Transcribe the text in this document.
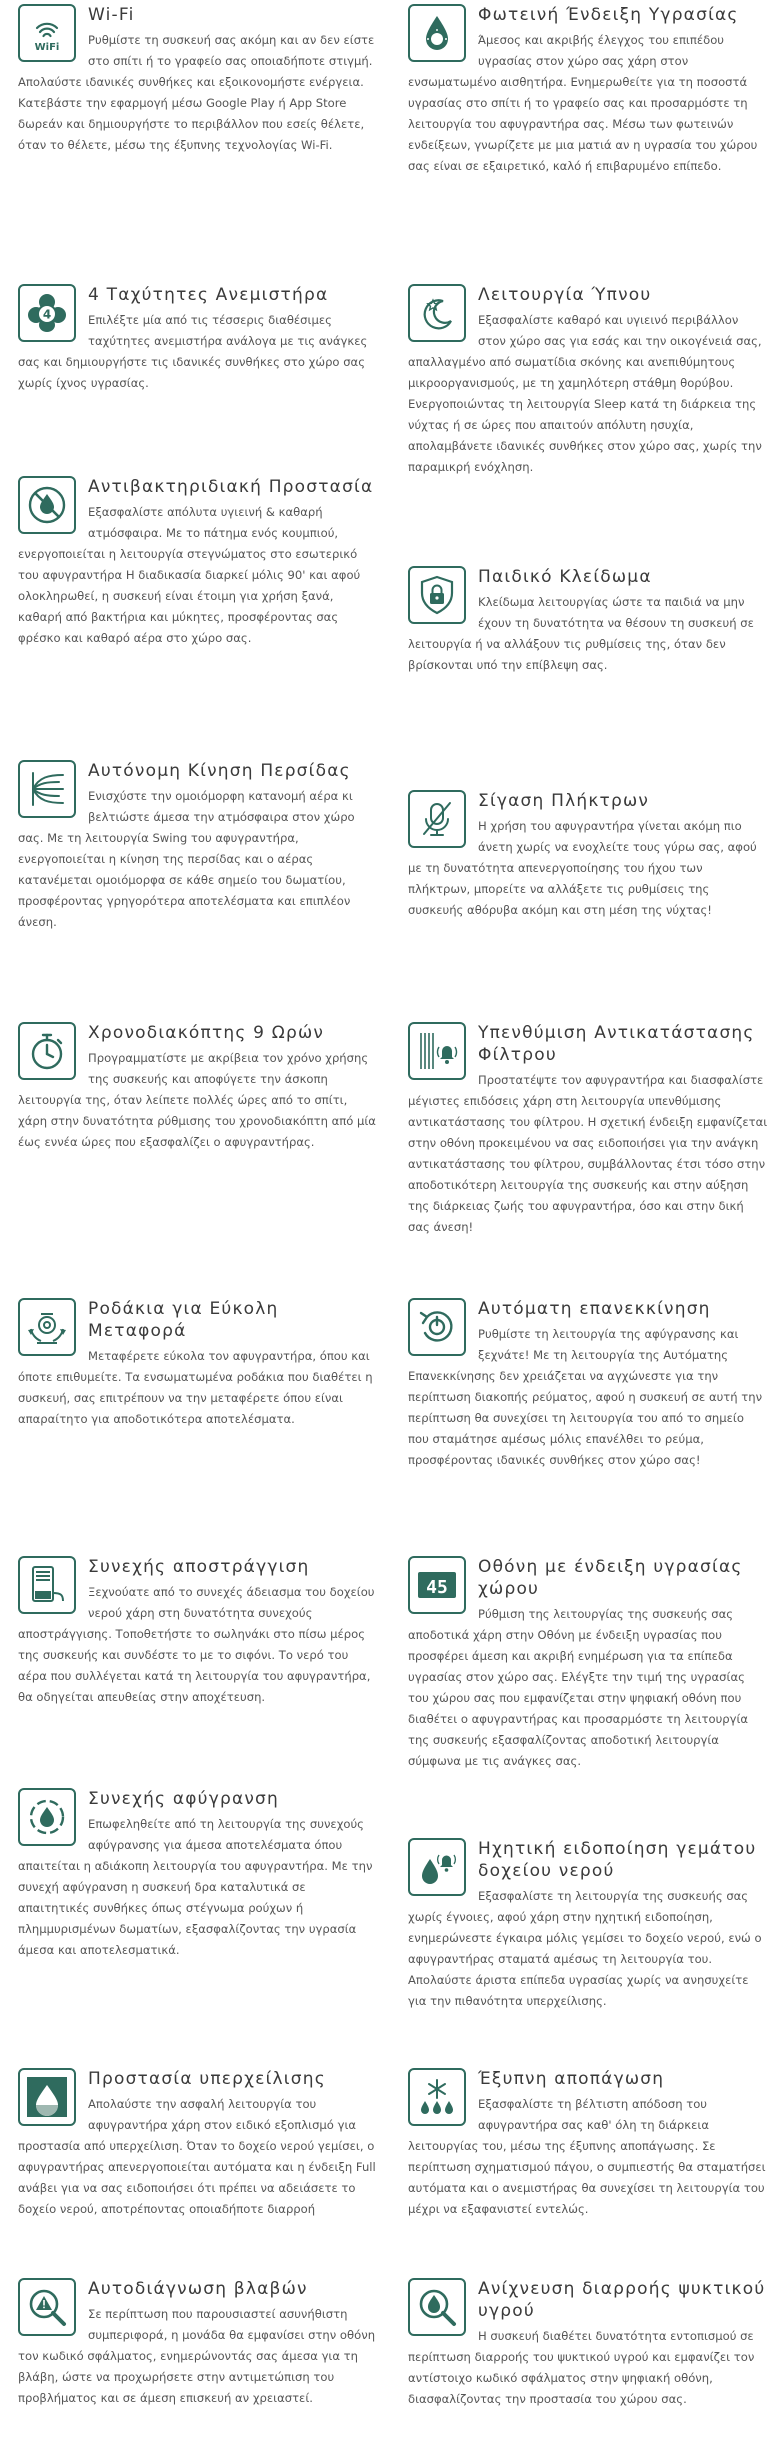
WiFi
Wi-Fi

Ρυθμίστε τη συσκευή σας ακόμη και αν δεν είστε στο σπίτι ή το γραφείο σας οποιαδήποτε στιγμή. Απολαύστε ιδανικές συνθήκες και εξοικονομήστε ενέργεια. Κατεβάστε την εφαρμογή μέσω Google Play ή App Store δωρεάν και δημιουργήστε το περιβάλλον που εσείς θέλετε, όταν το θέλετε, μέσω της έξυπνης τεχνολογίας Wi-Fi.

Φωτεινή Ένδειξη Υγρασίας

Άμεσος και ακριβής έλεγχος του επιπέδου υγρασίας στον χώρο σας χάρη στον ενσωματωμένο αισθητήρα. Ενημερωθείτε για τη ποσοστά υγρασίας στο σπίτι ή το γραφείο σας και προσαρμόστε τη λειτουργία του αφυγραντήρα σας. Μέσω των φωτεινών ενδείξεων, γνωρίζετε με μια ματιά αν η υγρασία του χώρου σας είναι σε εξαιρετικό, καλό ή επιβαρυμένο επίπεδο.

4
4 Ταχύτητες Ανεμιστήρα

Επιλέξτε μία από τις τέσσερις διαθέσιμες ταχύτητες ανεμιστήρα ανάλογα με τις ανάγκες σας και δημιουργήστε τις ιδανικές συνθήκες στο χώρο σας χωρίς ίχνος υγρασίας.

Λειτουργία Ύπνου

Εξασφαλίστε καθαρό και υγιεινό περιβάλλον στον χώρο σας για εσάς και την οικογένειά σας, απαλλαγμένο από σωματίδια σκόνης και ανεπιθύμητους μικροοργανισμούς, με τη χαμηλότερη στάθμη θορύβου. Ενεργοποιώντας τη λειτουργία Sleep κατά τη διάρκεια της νύχτας ή σε ώρες που απαιτούν απόλυτη ησυχία, απολαμβάνετε ιδανικές συνθήκες στον χώρο σας, χωρίς την παραμικρή ενόχληση.

Αντιβακτηριδιακή Προστασία

Εξασφαλίστε απόλυτα υγιεινή & καθαρή ατμόσφαιρα. Με το πάτημα ενός κουμπιού, ενεργοποιείται η λειτουργία στεγνώματος στο εσωτερικό του αφυγραντήρα Η διαδικασία διαρκεί μόλις 90' και αφού ολοκληρωθεί, η συσκευή είναι έτοιμη για χρήση ξανά, καθαρή από βακτήρια και μύκητες, προσφέροντας σας φρέσκο και καθαρό αέρα στο χώρο σας.

Παιδικό Κλείδωμα

Κλείδωμα λειτουργίας ώστε τα παιδιά να μην έχουν τη δυνατότητα να θέσουν τη συσκευή σε λειτουργία ή να αλλάξουν τις ρυθμίσεις της, όταν δεν βρίσκονται υπό την επίβλεψη σας.

Αυτόνομη Κίνηση Περσίδας

Ενισχύστε την ομοιόμορφη κατανομή αέρα κι βελτιώστε άμεσα την ατμόσφαιρα στον χώρο σας. Με τη λειτουργία Swing του αφυγραντήρα, ενεργοποιείται η κίνηση της περσίδας και ο αέρας κατανέμεται ομοιόμορφα σε κάθε σημείο του δωματίου, προσφέροντας γρηγορότερα αποτελέσματα και επιπλέον άνεση.

Σίγαση Πλήκτρων

Η χρήση του αφυγραντήρα γίνεται ακόμη πιο άνετη χωρίς να ενοχλείτε τους γύρω σας, αφού με τη δυνατότητα απενεργοποίησης του ήχου των πλήκτρων, μπορείτε να αλλάξετε τις ρυθμίσεις της συσκευής αθόρυβα ακόμη και στη μέση της νύχτας!

Χρονοδιακόπτης 9 Ωρών

Προγραμματίστε με ακρίβεια τον χρόνο χρήσης της συσκευής και αποφύγετε την άσκοπη λειτουργία της, όταν λείπετε πολλές ώρες από το σπίτι, χάρη στην δυνατότητα ρύθμισης του χρονοδιακόπτη από μία έως εννέα ώρες που εξασφαλίζει ο αφυγραντήρας.

Υπενθύμιση Αντικατάστασης Φίλτρου

Προστατέψτε τον αφυγραντήρα και διασφαλίστε μέγιστες επιδόσεις χάρη στη λειτουργία υπενθύμισης αντικατάστασης του φίλτρου. Η σχετική ένδειξη εμφανίζεται στην οθόνη προκειμένου να σας ειδοποιήσει για την ανάγκη αντικατάστασης του φίλτρου, συμβάλλοντας έτσι τόσο στην αποδοτικότερη λειτουργία της συσκευής και στην αύξηση της διάρκειας ζωής του αφυγραντήρα, όσο και στην δική σας άνεση!

Ροδάκια για Εύκολη Μεταφορά

Μεταφέρετε εύκολα τον αφυγραντήρα, όπου και όποτε επιθυμείτε. Τα ενσωματωμένα ροδάκια που διαθέτει η συσκευή, σας επιτρέπουν να την μεταφέρετε όπου είναι απαραίτητο για αποδοτικότερα αποτελέσματα.

Αυτόματη επανεκκίνηση

Ρυθμίστε τη λειτουργία της αφύγρανσης και ξεχνάτε! Με τη λειτουργία της Αυτόματης Επανεκκίνησης δεν χρειάζεται να αγχώνεστε για την περίπτωση διακοπής ρεύματος, αφού η συσκευή σε αυτή την περίπτωση θα συνεχίσει τη λειτουργία του από το σημείο που σταμάτησε αμέσως μόλις επανέλθει το ρεύμα, προσφέροντας ιδανικές συνθήκες στον χώρο σας!

Συνεχής αποστράγγιση

Ξεχνούατε από το συνεχές άδειασμα του δοχείου νερού χάρη στη δυνατότητα συνεχούς αποστράγγισης. Τοποθετήστε το σωληνάκι στο πίσω μέρος της συσκευής και συνδέστε το με το σιφόνι. Το νερό του αέρα που συλλέγεται κατά τη λειτουργία του αφυγραντήρα, θα οδηγείται απευθείας στην αποχέτευση.

45
Οθόνη με ένδειξη υγρασίας χώρου

Ρύθμιση της λειτουργίας της συσκευής σας αποδοτικά χάρη στην Οθόνη με ένδειξη υγρασίας που προσφέρει άμεση και ακριβή ενημέρωση για τα επίπεδα υγρασίας στον χώρο σας. Ελέγξτε την τιμή της υγρασίας του χώρου σας που εμφανίζεται στην ψηφιακή οθόνη που διαθέτει ο αφυγραντήρας και προσαρμόστε τη λειτουργία της συσκευής εξασφαλίζοντας αποδοτική λειτουργία σύμφωνα με τις ανάγκες σας.

Συνεχής αφύγρανση

Επωφεληθείτε από τη λειτουργία της συνεχούς αφύγρανσης για άμεσα αποτελέσματα όπου απαιτείται η αδιάκοπη λειτουργία του αφυγραντήρα. Με την συνεχή αφύγρανση η συσκευή δρα καταλυτικά σε απαιτητικές συνθήκες όπως στέγνωμα ρούχων ή πλημμυρισμένων δωματίων, εξασφαλίζοντας την υγρασία άμεσα και αποτελεσματικά.

Ηχητική ειδοποίηση γεμάτου δοχείου νερού

Εξασφαλίστε τη λειτουργία της συσκευής σας χωρίς έγνοιες, αφού χάρη στην ηχητική ειδοποίηση, ενημερώνεστε έγκαιρα μόλις γεμίσει το δοχείο νερού, ενώ ο αφυγραντήρας σταματά αμέσως τη λειτουργία του. Απολαύστε άριστα επίπεδα υγρασίας χωρίς να ανησυχείτε για την πιθανότητα υπερχείλισης.

Προστασία υπερχείλισης

Απολαύστε την ασφαλή λειτουργία του αφυγραντήρα χάρη στον ειδικό εξοπλισμό για προστασία από υπερχείλιση. Όταν το δοχείο νερού γεμίσει, ο αφυγραντήρας απενεργοποιείται αυτόματα και η ένδειξη Full ανάβει για να σας ειδοποιήσει ότι πρέπει να αδειάσετε το δοχείο νερού, αποτρέποντας οποιαδήποτε διαρροή

Έξυπνη αποπάγωση

Εξασφαλίστε τη βέλτιστη απόδοση του αφυγραντήρα σας καθ' όλη τη διάρκεια λειτουργίας του, μέσω της έξυπνης αποπάγωσης. Σε περίπτωση σχηματισμού πάγου, ο συμπιεστής θα σταματήσει αυτόματα και ο ανεμιστήρας θα συνεχίσει τη λειτουργία του μέχρι να εξαφανιστεί εντελώς.

Αυτοδιάγνωση βλαβών

Σε περίπτωση που παρουσιαστεί ασυνήθιστη συμπεριφορά, η μονάδα θα εμφανίσει στην οθόνη τον κωδικό σφάλματος, ενημερώνοντάς σας άμεσα για τη βλάβη, ώστε να προχωρήσετε στην αντιμετώπιση του προβλήματος και σε άμεση επισκευή αν χρειαστεί.

Ανίχνευση διαρροής ψυκτικού υγρού

Η συσκευή διαθέτει δυνατότητα εντοπισμού σε περίπτωση διαρροής του ψυκτικού υγρού και εμφανίζει τον αντίστοιχο κωδικό σφάλματος στην ψηφιακή οθόνη, διασφαλίζοντας την προστασία του χώρου σας.
